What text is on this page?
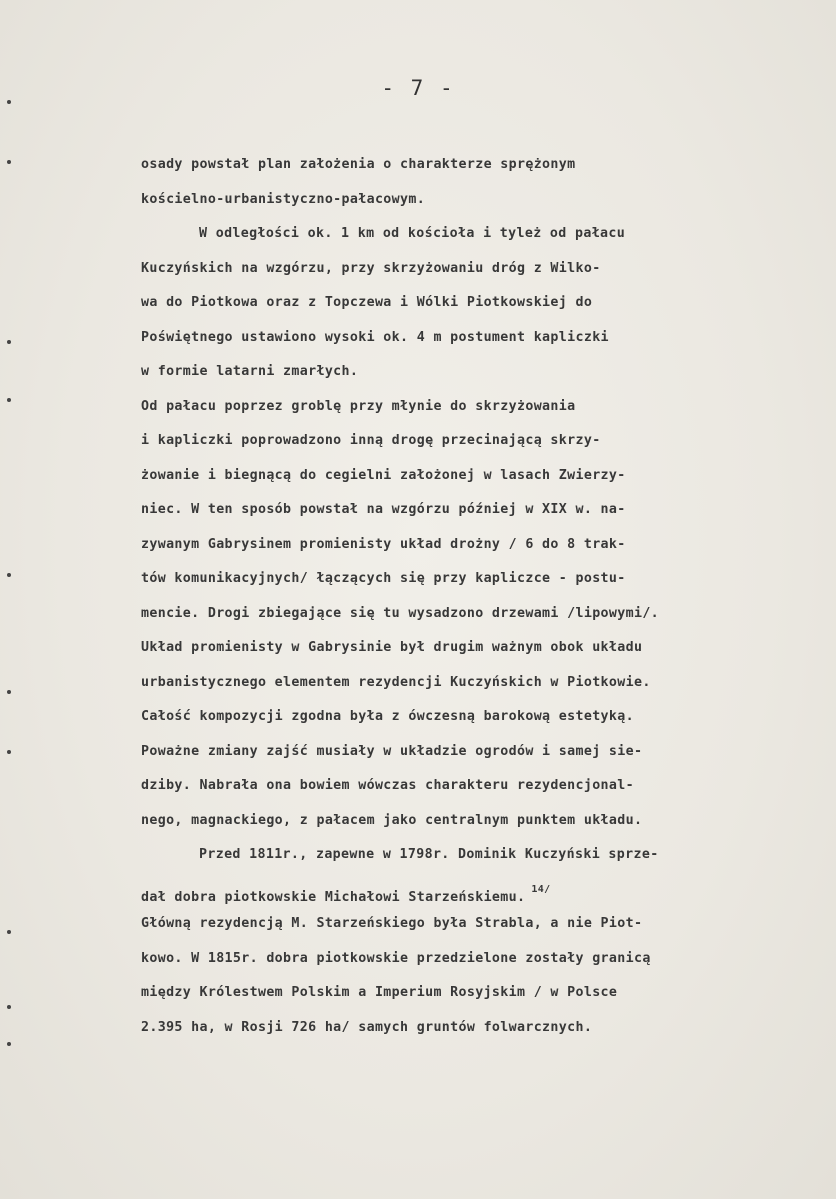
- 7 -
osady powstał plan założenia o charakterze sprężonym
kościelno-urbanistyczno-pałacowym.
W odległości ok. 1 km od kościoła i tyleż od pałacu
Kuczyńskich na wzgórzu, przy skrzyżowaniu dróg z Wilko-
wa do Piotkowa oraz z Topczewa i Wólki Piotkowskiej do
Poświętnego ustawiono wysoki ok. 4 m postument kapliczki
w formie latarni zmarłych.
Od pałacu poprzez groblę przy młynie do skrzyżowania
i kapliczki poprowadzono inną drogę przecinającą skrzy-
żowanie i biegnącą do cegielni założonej w lasach Zwierzy-
niec. W ten sposób powstał na wzgórzu później w XIX w. na-
zywanym Gabrysinem promienisty układ drożny / 6 do 8 trak-
tów komunikacyjnych/ łączących się przy kapliczce - postu-
mencie. Drogi zbiegające się tu wysadzono drzewami /lipowymi/.
Układ promienisty w Gabrysinie był drugim ważnym obok układu
urbanistycznego elementem rezydencji Kuczyńskich w Piotkowie.
Całość kompozycji zgodna była z ówczesną barokową estetyką.
Poważne zmiany zajść musiały w układzie ogrodów i samej sie-
dziby. Nabrała ona bowiem wówczas charakteru rezydencjonal-
nego, magnackiego, z pałacem jako centralnym punktem układu.
Przed 1811r., zapewne w 1798r. Dominik Kuczyński sprze-
dał dobra piotkowskie Michałowi Starzeńskiemu.$^{14/}$
Główną rezydencją M. Starzeńskiego była Strabla, a nie Piot-
kowo. W 1815r. dobra piotkowskie przedzielone zostały granicą
między Królestwem Polskim a Imperium Rosyjskim / w Polsce
2.395 ha, w Rosji 726 ha/ samych gruntów folwarcznych.
